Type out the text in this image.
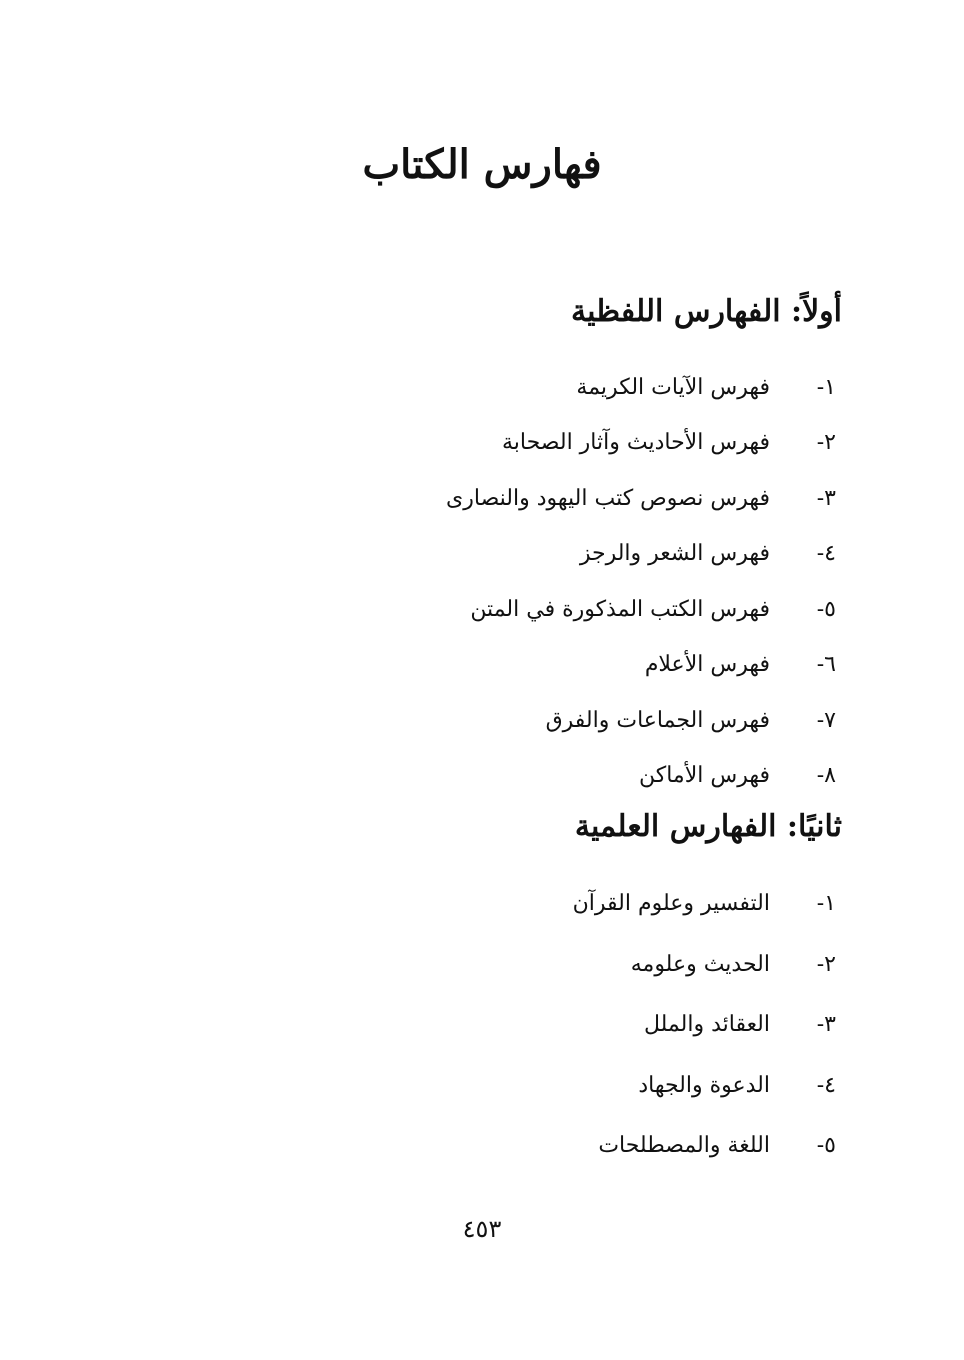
فهارس الكتاب
أولاً: الفهارس اللفظية
١-
فهرس الآيات الكريمة
٢-
فهرس الأحاديث وآثار الصحابة
٣-
فهرس نصوص كتب اليهود والنصارى
٤-
فهرس الشعر والرجز
٥-
فهرس الكتب المذكورة في المتن
٦-
فهرس الأعلام
٧-
فهرس الجماعات والفرق
٨-
فهرس الأماكن
ثانيًا: الفهارس العلمية
١-
التفسير وعلوم القرآن
٢-
الحديث وعلومه
٣-
العقائد والملل
٤-
الدعوة والجهاد
٥-
اللغة والمصطلحات
٤٥٣
